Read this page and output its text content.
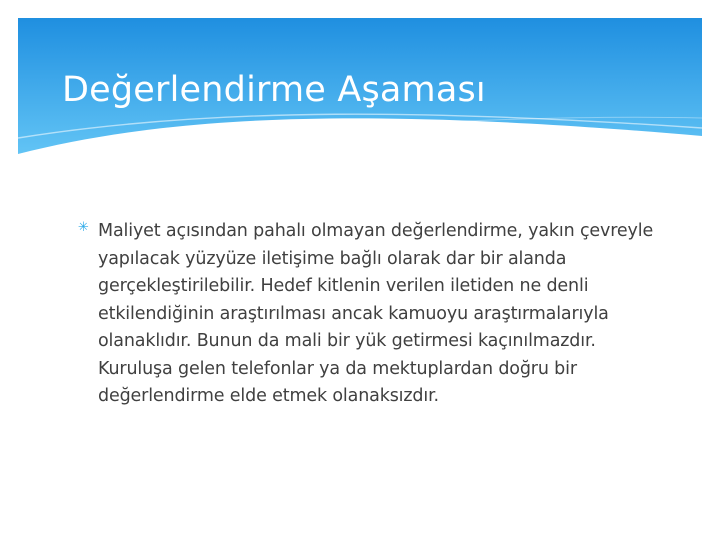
Değerlendirme Aşaması
✳ Maliyet açısından pahalı olmayan değerlendirme, yakın çevreyle yapılacak yüzyüze iletişime bağlı olarak dar bir alanda gerçekleştirilebilir. Hedef kitlenin verilen iletiden ne denli etkilendiğinin araştırılması ancak kamuoyu araştırmalarıyla olanaklıdır. Bunun da mali bir yük getirmesi kaçınılmazdır. Kuruluşa gelen telefonlar ya da mektuplardan doğru bir değerlendirme elde etmek olanaksızdır.
